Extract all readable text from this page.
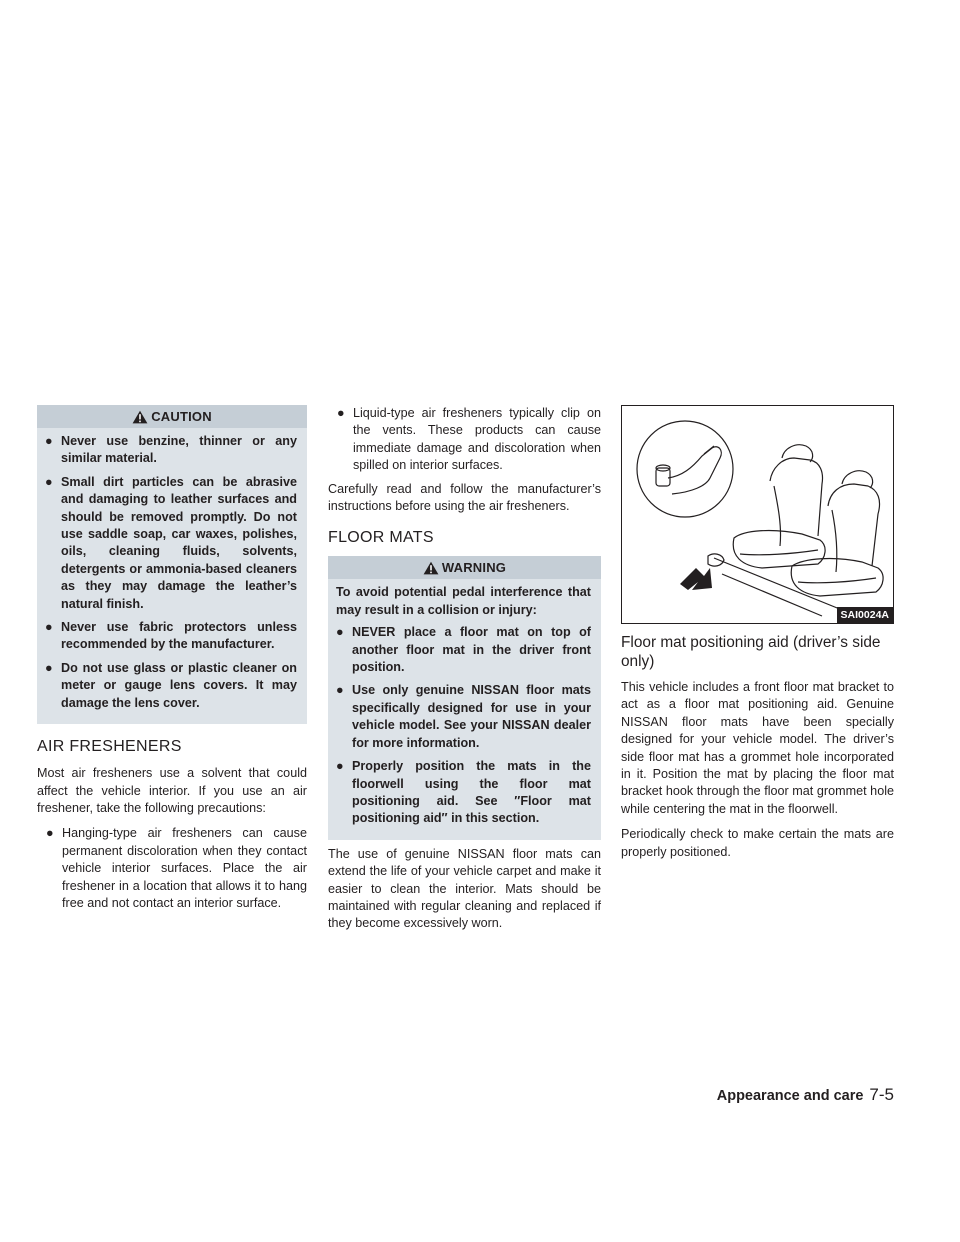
CAUTION
● Never use benzine, thinner or any similar material.
● Small dirt particles can be abrasive and damaging to leather surfaces and should be removed promptly. Do not use saddle soap, car waxes, polishes, oils, cleaning fluids, solvents, detergents or ammonia-based cleaners as they may damage the leather’s natural finish.
● Never use fabric protectors unless recommended by the manufacturer.
● Do not use glass or plastic cleaner on meter or gauge lens covers. It may damage the lens cover.
AIR FRESHENERS

Most air fresheners use a solvent that could affect the vehicle interior. If you use an air freshener, take the following precautions:

● Hanging-type air fresheners can cause permanent discoloration when they contact vehicle interior surfaces. Place the air freshener in a location that allows it to hang free and not contact an interior surface.
● Liquid-type air fresheners typically clip on the vents. These products can cause immediate damage and discoloration when spilled on interior surfaces.

Carefully read and follow the manufacturer’s instructions before using the air fresheners.

FLOOR MATS
WARNING

To avoid potential pedal interference that may result in a collision or injury:

● NEVER place a floor mat on top of another floor mat in the driver front position.
● Use only genuine NISSAN floor mats specifically designed for use in your vehicle model. See your NISSAN dealer for more information.
● Properly position the mats in the floorwell using the floor mat positioning aid. See ″Floor mat positioning aid″ in this section.

The use of genuine NISSAN floor mats can extend the life of your vehicle carpet and make it easier to clean the interior. Mats should be maintained with regular cleaning and replaced if they become excessively worn.

SAI0024A
Floor mat positioning aid (driver’s side only)

This vehicle includes a front floor mat bracket to act as a floor mat positioning aid. Genuine NISSAN floor mats have been specially designed for your vehicle model. The driver’s side floor mat has a grommet hole incorporated in it. Position the mat by placing the floor mat bracket hook through the floor mat grommet hole while centering the mat in the floorwell.

Periodically check to make certain the mats are properly positioned.

Appearance and care 7-5
